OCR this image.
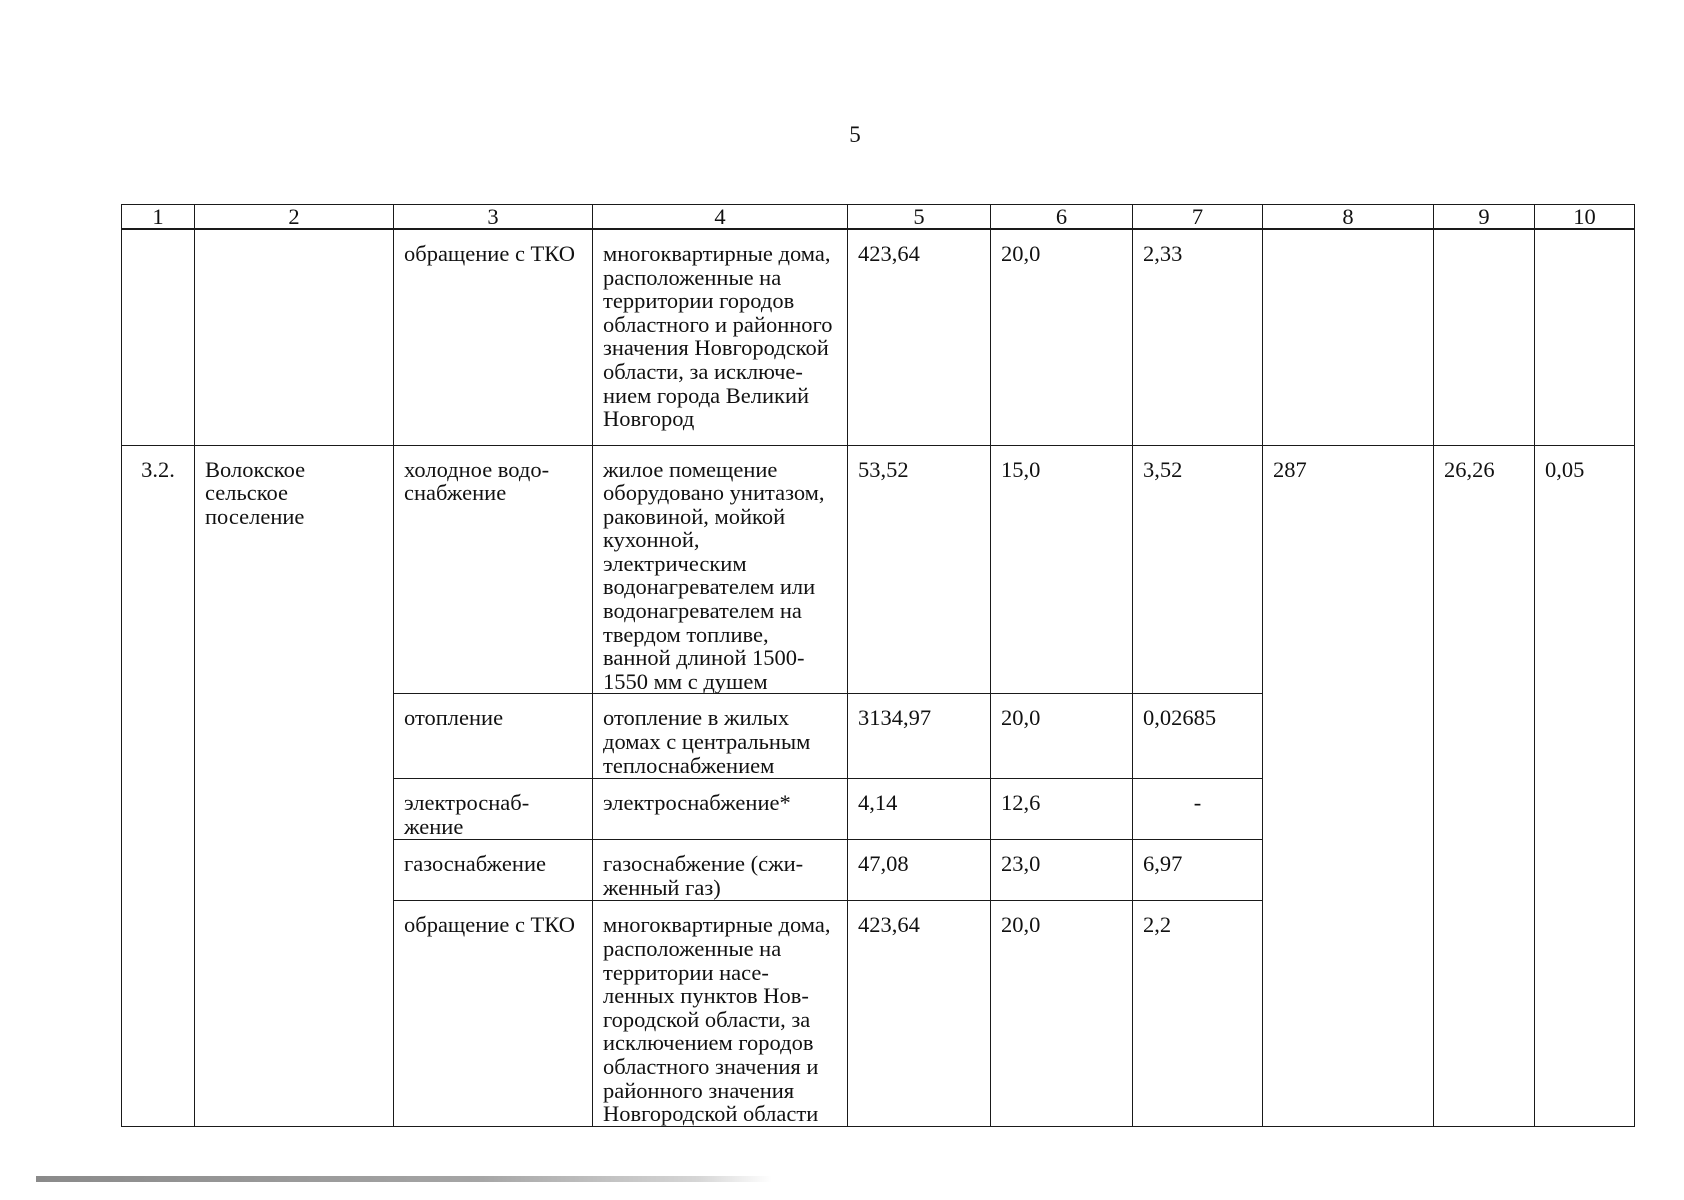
5
1	2	3	4	5	6	7	8	9	10
		обращение с ТКО	многоквартирные дома, расположенные на территории городов областного и районного значения Новгородской области, за исключе-нием города Великий Новгород	423,64	20,0	2,33			
3.2.	Волокское сельское поселение	холодное водо-снабжение	жилое помещение оборудовано унитазом, раковиной, мойкой кухонной, электрическим водонагревателем или водонагревателем на твердом топливе, ванной длиной 1500-1550 мм с душем	53,52	15,0	3,52	287	26,26	0,05
		отопление	отопление в жилых домах с центральным теплоснабжением	3134,97	20,0	0,02685			
		электроснаб-жение	электроснабжение*	4,14	12,6	-			
		газоснабжение	газоснабжение (сжи-женный газ)	47,08	23,0	6,97			
		обращение с ТКО	многоквартирные дома, расположенные на территории насе-ленных пунктов Нов-городской области, за исключением городов областного значения и районного значения Новгородской области	423,64	20,0	2,2			
